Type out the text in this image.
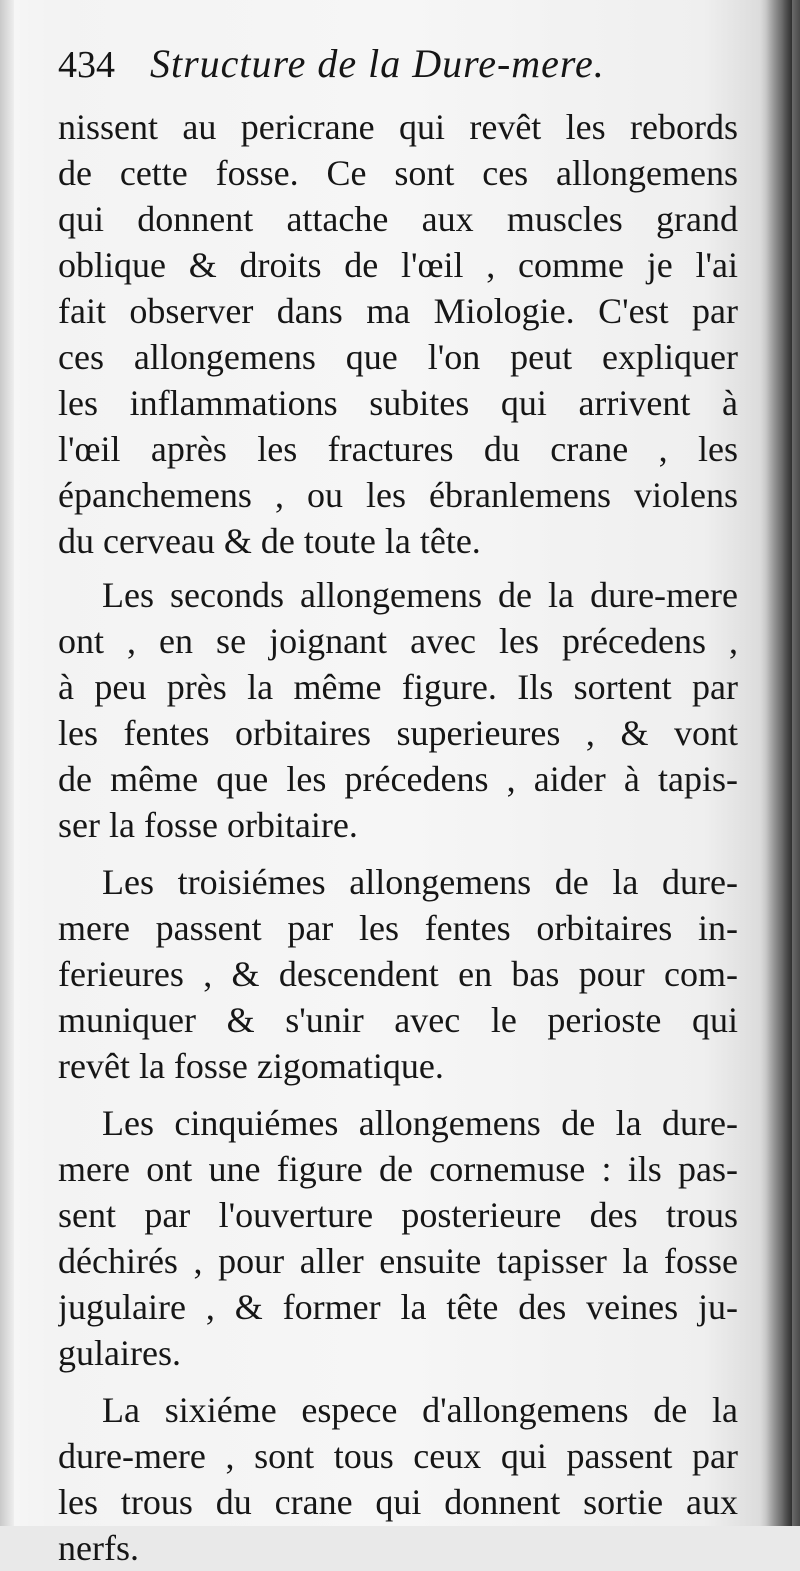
434 Structure de la Dure-mere.
nissent au pericrane qui revêt les rebords
de cette fosse. Ce sont ces allongemens
qui donnent attache aux muscles grand
oblique & droits de l'œil , comme je l'ai
fait observer dans ma Miologie. C'est par
ces allongemens que l'on peut expliquer
les inflammations subites qui arrivent à
l'œil après les fractures du crane , les
épanchemens , ou les ébranlemens violens
du cerveau & de toute la tête.
Les seconds allongemens de la dure-mere
ont , en se joignant avec les précedens ,
à peu près la même figure. Ils sortent par
les fentes orbitaires superieures , & vont
de même que les précedens , aider à tapis-
ser la fosse orbitaire.
Les troisiémes allongemens de la dure-
mere passent par les fentes orbitaires in-
ferieures , & descendent en bas pour com-
muniquer & s'unir avec le perioste qui
revêt la fosse zigomatique.
Les cinquiémes allongemens de la dure-
mere ont une figure de cornemuse : ils pas-
sent par l'ouverture posterieure des trous
déchirés , pour aller ensuite tapisser la fosse
jugulaire , & former la tête des veines ju-
gulaires.
La sixiéme espece d'allongemens de la
dure-mere , sont tous ceux qui passent par
les trous du crane qui donnent sortie aux
nerfs.
